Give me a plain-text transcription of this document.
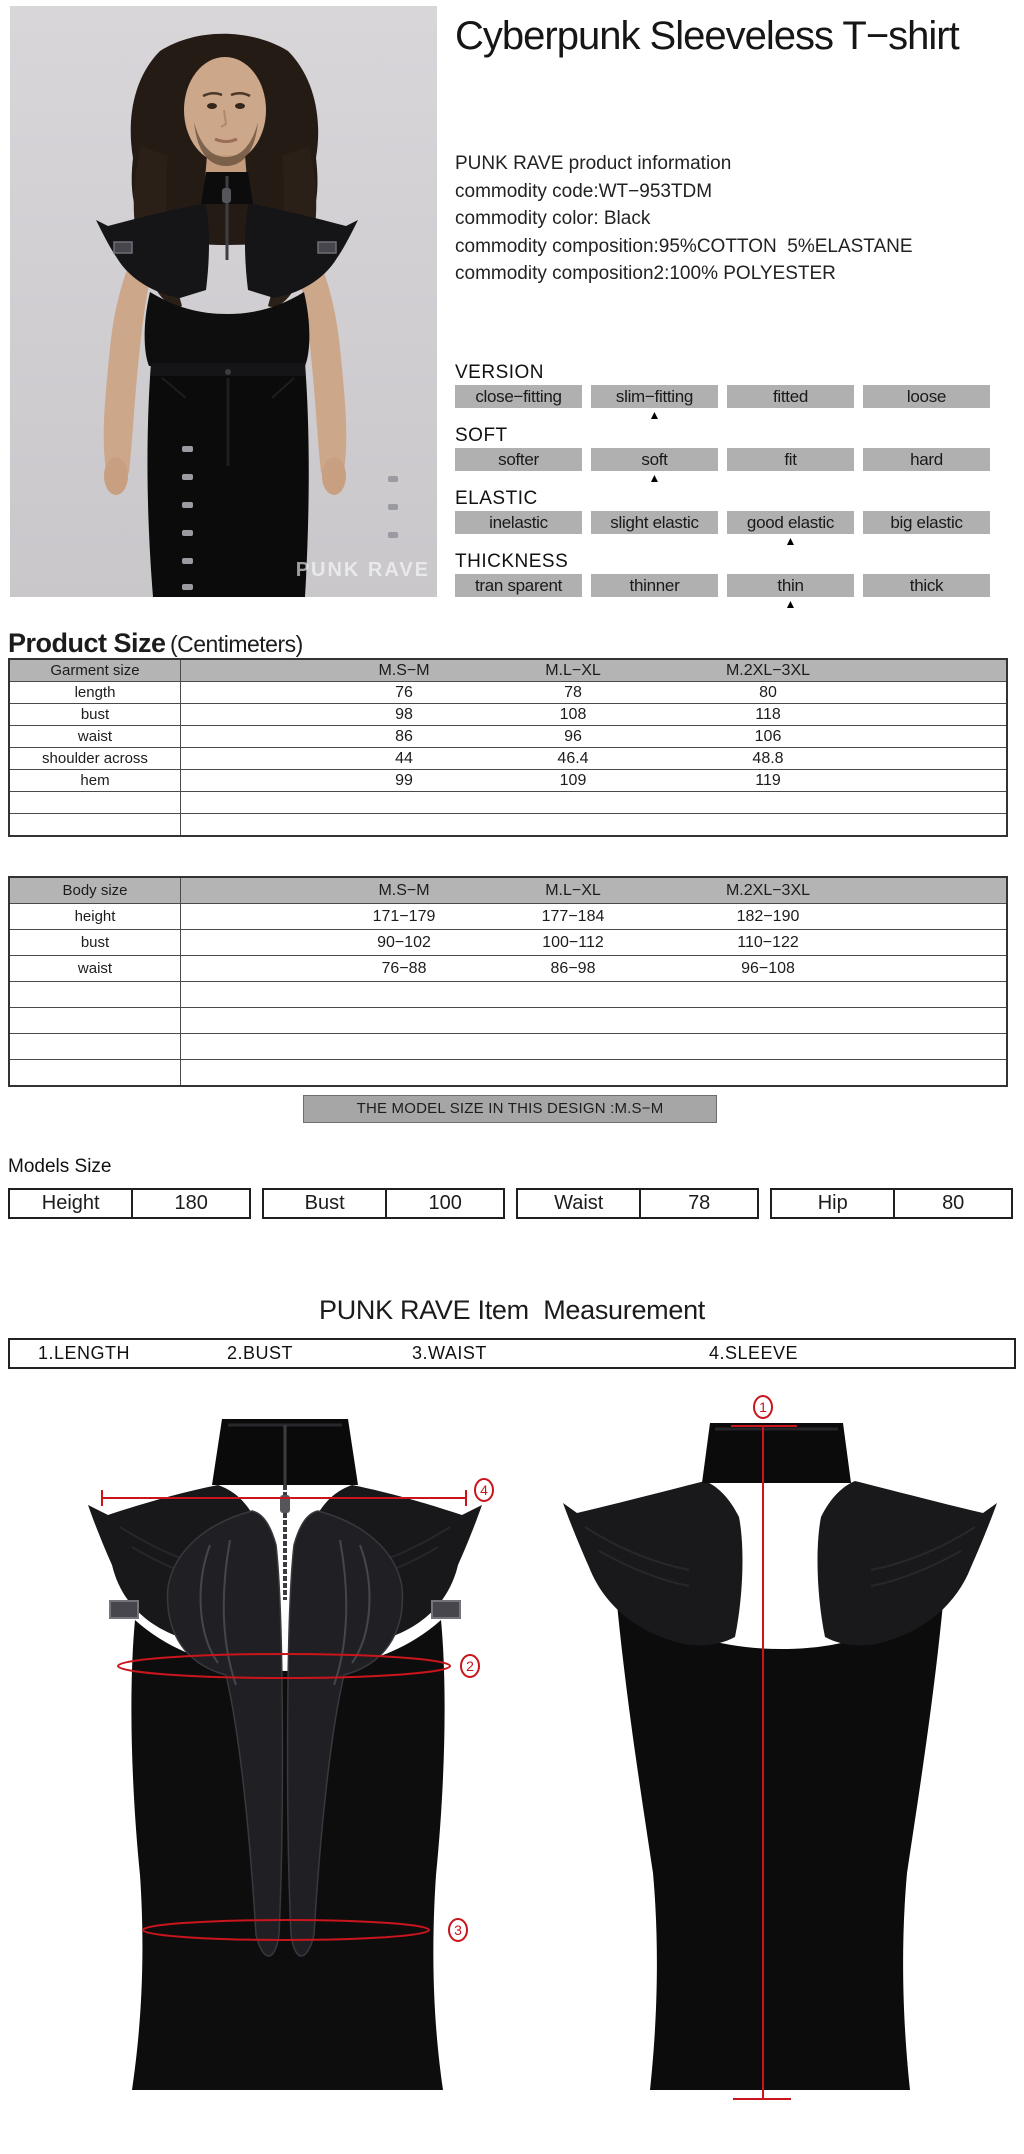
PUNK RAVE
Cyberpunk Sleeveless T−shirt
PUNK RAVE product information
commodity code:WT−953TDM
commodity color: Black
commodity composition:95%COTTON  5%ELASTANE
commodity composition2:100% POLYESTER
VERSION
close−fitting	slim−fitting	fitted	loose
▲
SOFT
softer	soft	fit	hard
▲
ELASTIC
inelastic	slight elastic	good elastic	big elastic
▲
THICKNESS
tran sparent	thinner	thin	thick
▲
Product Size (Centimeters)
Garment size	M.S−M	M.L−XL	M.2XL−3XL
length	76	78	80
bust	98	108	118
waist	86	96	106
shoulder across	44	46.4	48.8
hem	99	109	119
Body size	M.S−M	M.L−XL	M.2XL−3XL
height	171−179	177−184	182−190
bust	90−102	100−112	110−122
waist	76−88	86−98	96−108
THE MODEL SIZE IN THIS DESIGN :M.S−M
Models Size
Height	180	Bust	100	Waist	78	Hip	80
PUNK RAVE Item  Measurement
1.LENGTH	2.BUST	3.WAIST	4.SLEEVE
4
2
3
1
